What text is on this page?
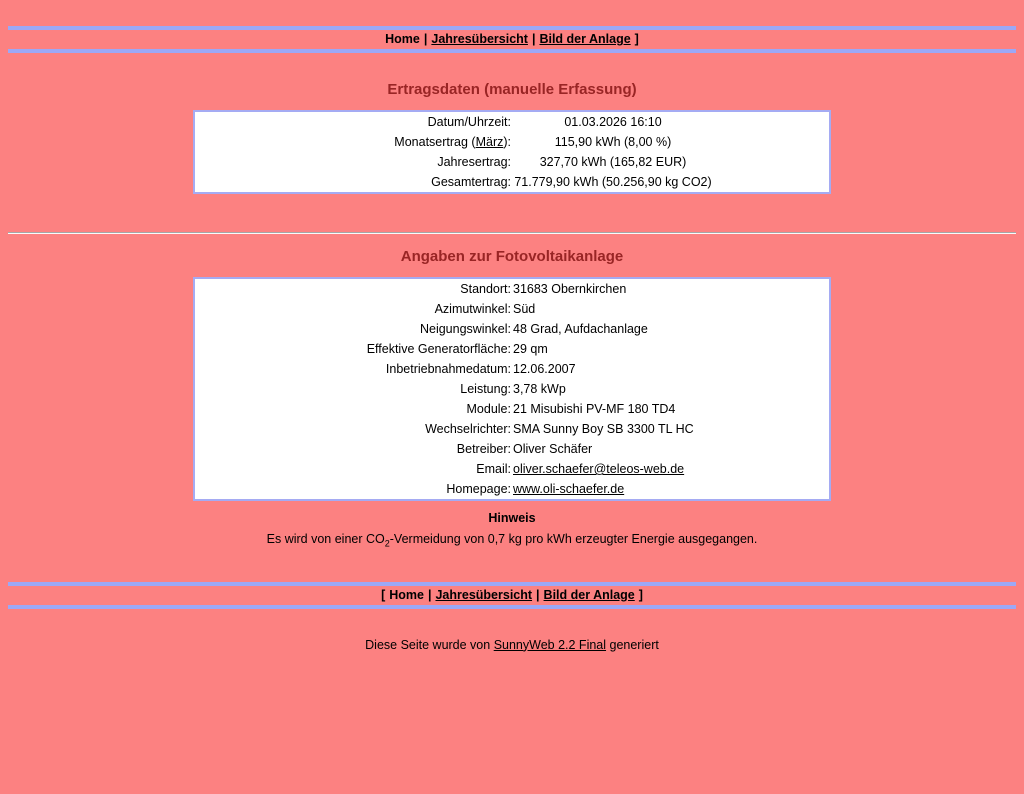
Home | Jahresübersicht | Bild der Anlage ]
Ertragsdaten (manuelle Erfassung)
Datum/Uhrzeit:	01.03.2026 16:10	
Monatsertrag (März):	115,90 kWh (8,00 %)	
Jahresertrag:	327,70 kWh (165,82 EUR)	
Gesamtertrag:	71.779,90 kWh (50.256,90 kg CO2)	
Angaben zur Fotovoltaikanlage
Standort:	31683 Obernkirchen
Azimutwinkel:	Süd
Neigungswinkel:	48 Grad, Aufdachanlage
Effektive Generatorfläche:	29 qm
Inbetriebnahmedatum:	12.06.2007
Leistung:	3,78 kWp
Module:	21 Misubishi PV-MF 180 TD4
Wechselrichter:	SMA Sunny Boy SB 3300 TL HC
Betreiber:	Oliver Schäfer
Email:	oliver.schaefer@teleos-web.de
Homepage:	www.oli-schaefer.de
Hinweis
Es wird von einer $CO_2$-Vermeidung von 0,7 kg pro kWh erzeugter Energie ausgegangen.
[ Home | Jahresübersicht | Bild der Anlage ]
Diese Seite wurde von SunnyWeb 2.2 Final generiert
